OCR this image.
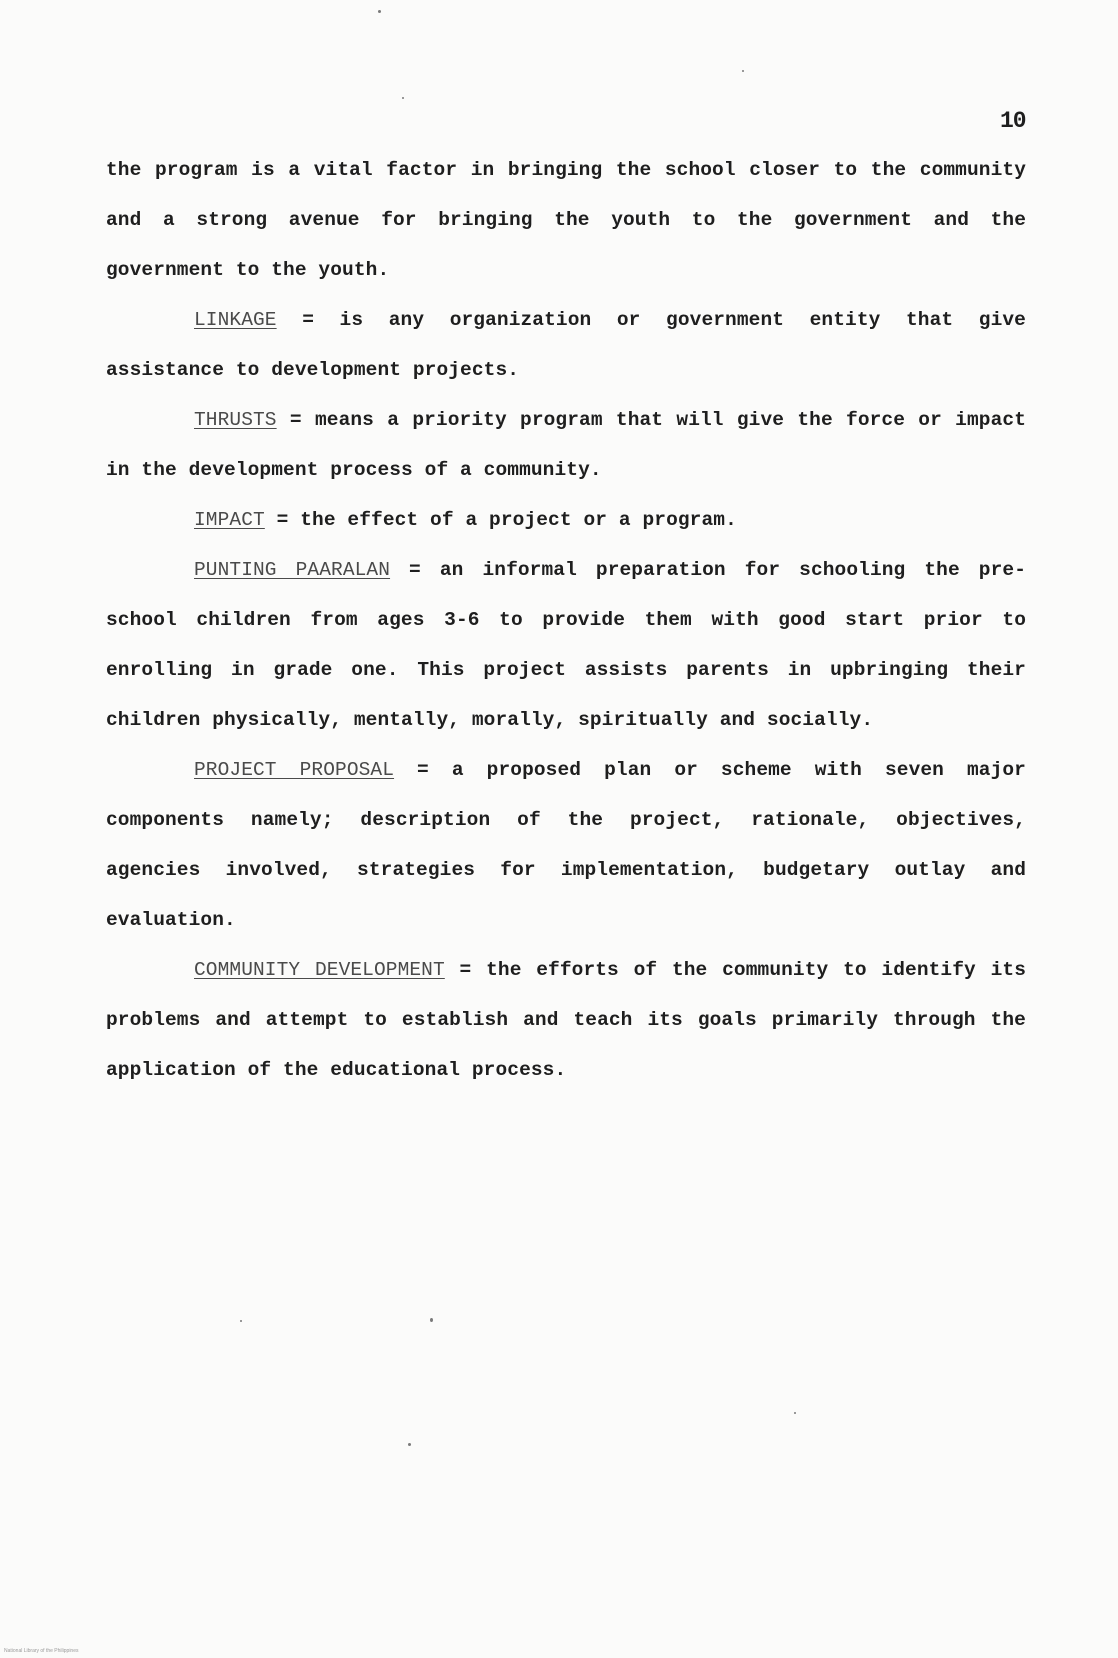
10

the program is a vital factor in bringing the school closer to the community and a strong avenue for bringing the youth to the government and the government to the youth.

LINKAGE = is any organization or government entity that give assistance to development projects.

THRUSTS = means a priority program that will give the force or impact in the development process of a community.

IMPACT = the effect of a project or a program.

PUNTING PAARALAN = an informal preparation for schooling the pre-school children from ages 3-6 to provide them with good start prior to enrolling in grade one. This project assists parents in upbringing their children physically, mentally, morally, spiritually and socially.

PROJECT PROPOSAL = a proposed plan or scheme with seven major components namely; description of the project, rationale, objectives, agencies involved, strategies for implementation, budgetary outlay and evaluation.

COMMUNITY DEVELOPMENT = the efforts of the community to identify its problems and attempt to establish and teach its goals primarily through the application of the educational process.

National Library of the Philippines
